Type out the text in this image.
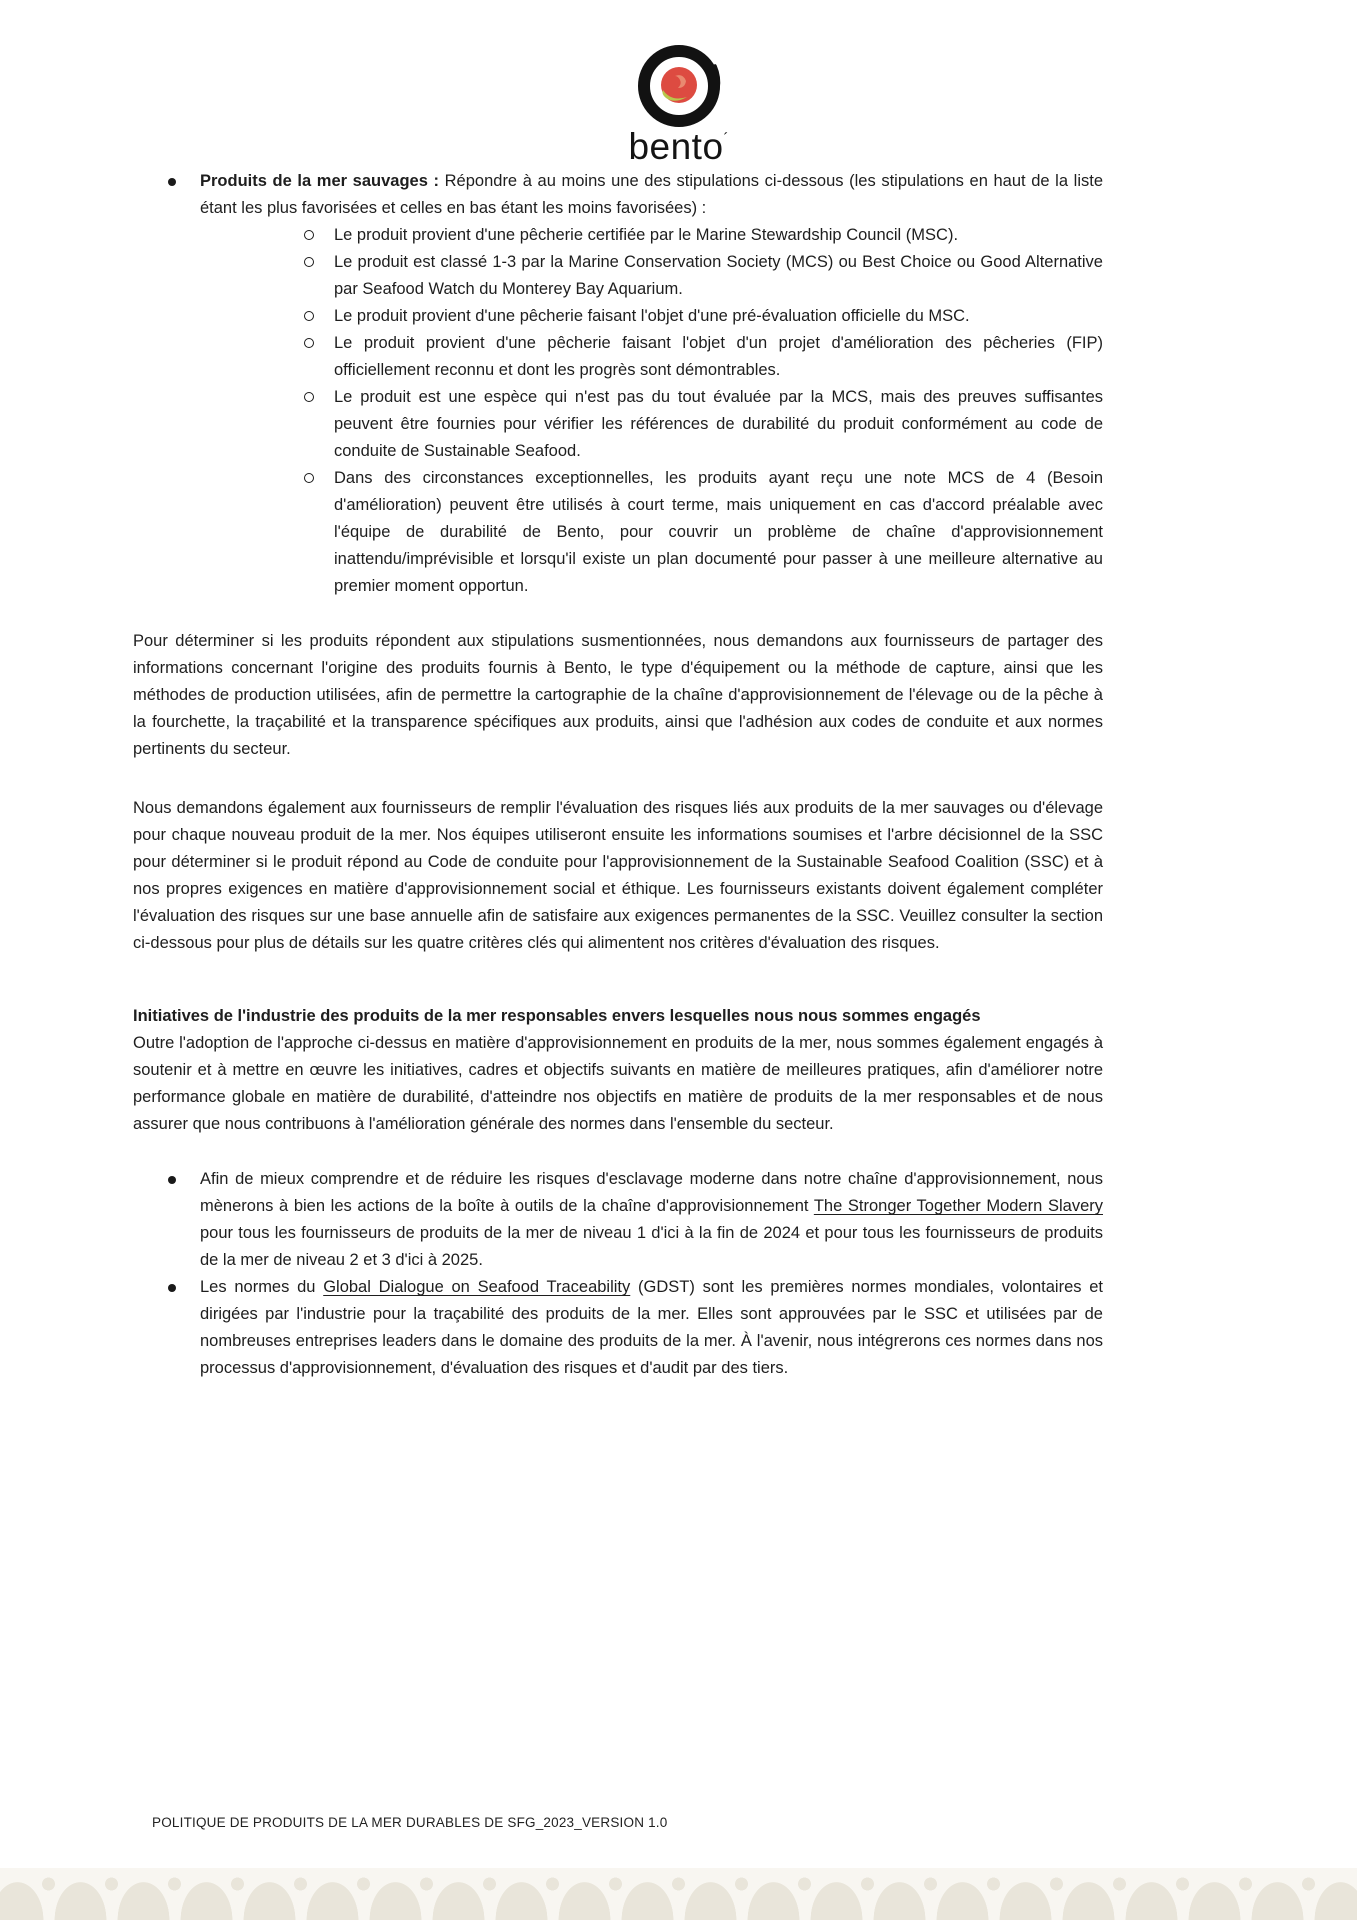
bento ´
Produits de la mer sauvages : Répondre à au moins une des stipulations ci-dessous (les stipulations en haut de la liste étant les plus favorisées et celles en bas étant les moins favorisées) :
Le produit provient d'une pêcherie certifiée par le Marine Stewardship Council (MSC).
Le produit est classé 1-3 par la Marine Conservation Society (MCS) ou Best Choice ou Good Alternative par Seafood Watch du Monterey Bay Aquarium.
Le produit provient d'une pêcherie faisant l'objet d'une pré-évaluation officielle du MSC.
Le produit provient d'une pêcherie faisant l'objet d'un projet d'amélioration des pêcheries (FIP) officiellement reconnu et dont les progrès sont démontrables.
Le produit est une espèce qui n'est pas du tout évaluée par la MCS, mais des preuves suffisantes peuvent être fournies pour vérifier les références de durabilité du produit conformément au code de conduite de Sustainable Seafood.
Dans des circonstances exceptionnelles, les produits ayant reçu une note MCS de 4 (Besoin d'amélioration) peuvent être utilisés à court terme, mais uniquement en cas d'accord préalable avec l'équipe de durabilité de Bento, pour couvrir un problème de chaîne d'approvisionnement inattendu/imprévisible et lorsqu'il existe un plan documenté pour passer à une meilleure alternative au premier moment opportun.

Pour déterminer si les produits répondent aux stipulations susmentionnées, nous demandons aux fournisseurs de partager des informations concernant l'origine des produits fournis à Bento, le type d'équipement ou la méthode de capture, ainsi que les méthodes de production utilisées, afin de permettre la cartographie de la chaîne d'approvisionnement de l'élevage ou de la pêche à la fourchette, la traçabilité et la transparence spécifiques aux produits, ainsi que l'adhésion aux codes de conduite et aux normes pertinents du secteur.

Nous demandons également aux fournisseurs de remplir l'évaluation des risques liés aux produits de la mer sauvages ou d'élevage pour chaque nouveau produit de la mer. Nos équipes utiliseront ensuite les informations soumises et l'arbre décisionnel de la SSC pour déterminer si le produit répond au Code de conduite pour l'approvisionnement de la Sustainable Seafood Coalition (SSC) et à nos propres exigences en matière d'approvisionnement social et éthique. Les fournisseurs existants doivent également compléter l'évaluation des risques sur une base annuelle afin de satisfaire aux exigences permanentes de la SSC. Veuillez consulter la section ci-dessous pour plus de détails sur les quatre critères clés qui alimentent nos critères d'évaluation des risques.

Initiatives de l'industrie des produits de la mer responsables envers lesquelles nous nous sommes engagés

Outre l'adoption de l'approche ci-dessus en matière d'approvisionnement en produits de la mer, nous sommes également engagés à soutenir et à mettre en œuvre les initiatives, cadres et objectifs suivants en matière de meilleures pratiques, afin d'améliorer notre performance globale en matière de durabilité, d'atteindre nos objectifs en matière de produits de la mer responsables et de nous assurer que nous contribuons à l'amélioration générale des normes dans l'ensemble du secteur.

Afin de mieux comprendre et de réduire les risques d'esclavage moderne dans notre chaîne d'approvisionnement, nous mènerons à bien les actions de la boîte à outils de la chaîne d'approvisionnement The Stronger Together Modern Slavery pour tous les fournisseurs de produits de la mer de niveau 1 d'ici à la fin de 2024 et pour tous les fournisseurs de produits de la mer de niveau 2 et 3 d'ici à 2025.
Les normes du Global Dialogue on Seafood Traceability (GDST) sont les premières normes mondiales, volontaires et dirigées par l'industrie pour la traçabilité des produits de la mer. Elles sont approuvées par le SSC et utilisées par de nombreuses entreprises leaders dans le domaine des produits de la mer. À l'avenir, nous intégrerons ces normes dans nos processus d'approvisionnement, d'évaluation des risques et d'audit par des tiers.
POLITIQUE DE PRODUITS DE LA MER DURABLES DE SFG_2023_VERSION 1.0
